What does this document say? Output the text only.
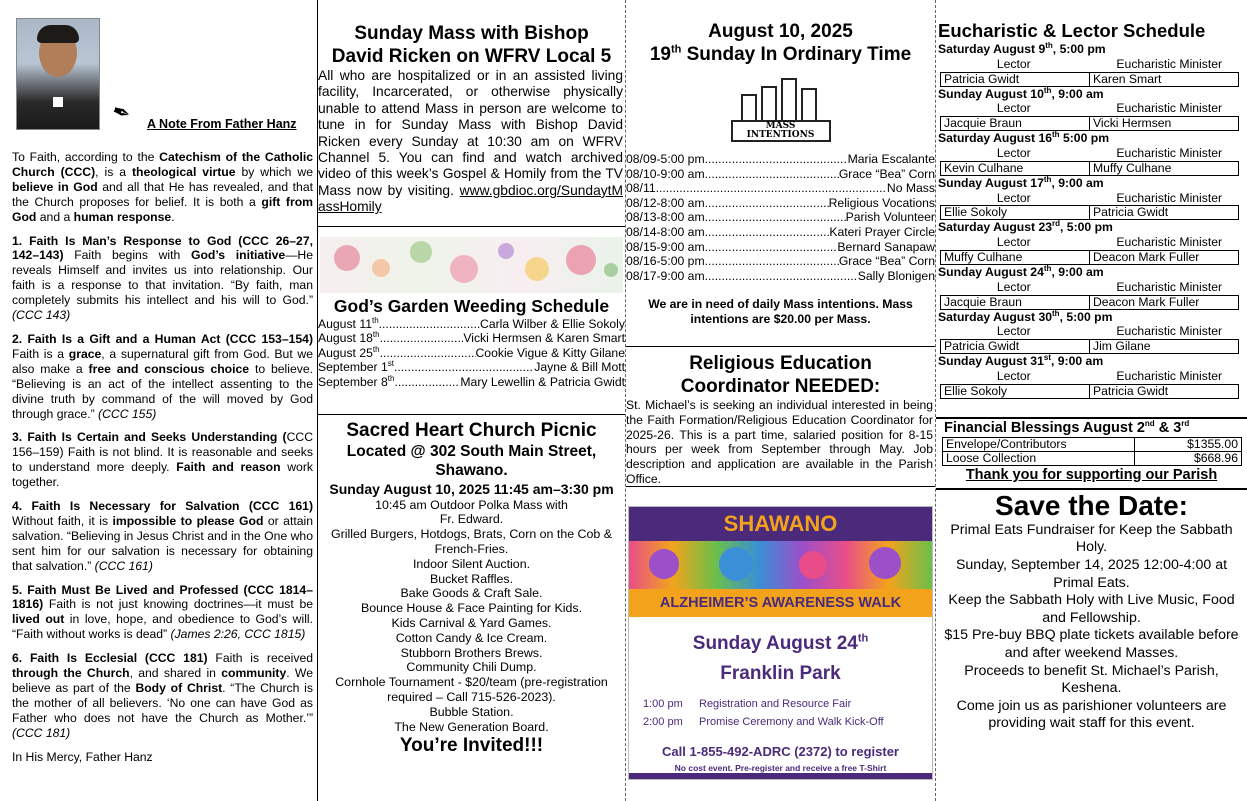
✒ A Note From Father Hanz

To Faith, according to the Catechism of the Catholic Church (CCC), is a theological virtue by which we believe in God and all that He has revealed, and that the Church proposes for belief. It is both a gift from God and a human response.

1. Faith Is Man’s Response to God (CCC 26–27, 142–143) Faith begins with God’s initiative—He reveals Himself and invites us into relationship. Our faith is a response to that invitation. “By faith, man completely submits his intellect and his will to God.” (CCC 143)

2. Faith Is a Gift and a Human Act (CCC 153–154) Faith is a grace, a supernatural gift from God. But we also make a free and conscious choice to believe. “Believing is an act of the intellect assenting to the divine truth by command of the will moved by God through grace.” (CCC 155)

3. Faith Is Certain and Seeks Understanding (CCC 156–159) Faith is not blind. It is reasonable and seeks to understand more deeply. Faith and reason work together.

4. Faith Is Necessary for Salvation (CCC 161) Without faith, it is impossible to please God or attain salvation. “Believing in Jesus Christ and in the One who sent him for our salvation is necessary for obtaining that salvation.” (CCC 161)

5. Faith Must Be Lived and Professed (CCC 1814–1816) Faith is not just knowing doctrines—it must be lived out in love, hope, and obedience to God’s will. “Faith without works is dead” (James 2:26, CCC 1815)

6. Faith Is Ecclesial (CCC 181) Faith is received through the Church, and shared in community. We believe as part of the Body of Christ. “The Church is the mother of all believers. ‘No one can have God as Father who does not have the Church as Mother.’” (CCC 181)

In His Mercy, Father Hanz

Sunday Mass with Bishop
David Ricken on WFRV Local 5
All who are hospitalized or in an assisted living facility, Incarcerated, or otherwise physically unable to attend Mass in person are welcome to tune in for Sunday Mass with Bishop David Ricken every Sunday at 10:30 am on WFRV Channel 5. You can find and watch archived video of this week’s Gospel & Homily from the TV Mass now by visiting. www.gbdioc.org/SundaytMassHomily
God’s Garden Weeding Schedule
August 11th .....	Carla Wilber & Ellie Sokoly
August 18th .....	Vicki Hermsen & Karen Smart
August 25th .....	Cookie Vigue & Kitty Gilane
September 1st .....	Jayne & Bill Mott
September 8th .....	Mary Lewellin & Patricia Gwidt
Sacred Heart Church Picnic
Located @ 302 South Main Street, Shawano.
Sunday August 10, 2025 11:45 am–3:30 pm
10:45 am Outdoor Polka Mass with
Fr. Edward.
Grilled Burgers, Hotdogs, Brats, Corn on the Cob & French-Fries.
Indoor Silent Auction.
Bucket Raffles.
Bake Goods & Craft Sale.
Bounce House & Face Painting for Kids.
Kids Carnival & Yard Games.
Cotton Candy & Ice Cream.
Stubborn Brothers Brews.
Community Chili Dump.
Cornhole Tournament - $20/team (pre-registration required – Call 715-526-2023).
Bubble Station.
The New Generation Board.
You’re Invited!!!
August 10, 2025
19th Sunday In Ordinary Time
MASS
INTENTIONS
08/09-5:00 pm .....	Maria Escalante
08/10-9:00 am .....	Grace “Bea” Corn
08/11 .....	No Mass
08/12-8:00 am .....	Religious Vocations
08/13-8:00 am .....	Parish Volunteer
08/14-8:00 am .....	Kateri Prayer Circle
08/15-9:00 am .....	Bernard Sanapaw
08/16-5:00 pm .....	Grace “Bea” Corn
08/17-9:00 am .....	Sally Blonigen
We are in need of daily Mass intentions. Mass intentions are $20.00 per Mass.
Religious Education
Coordinator NEEDED:
St. Michael’s is seeking an individual interested in being the Faith Formation/Religious Education Coordinator for 2025-26. This is a part time, salaried position for 8-15 hours per week from September through May. Job description and application are available in the Parish Office.
SHAWANO
ALZHEIMER’S AWARENESS WALK
Sunday August 24th
Franklin Park
1:00 pm Registration and Resource Fair
2:00 pm Promise Ceremony and Walk Kick-Off
Call 1-855-492-ADRC (2372) to register
No cost event. Pre-register and receive a free T-Shirt
Eucharistic & Lector Schedule
Saturday August 9th, 5:00 pm
Lector	Eucharistic Minister
Patricia Gwidt	Karen Smart
Sunday August 10th, 9:00 am
Lector	Eucharistic Minister
Jacquie Braun	Vicki Hermsen
Saturday August 16th 5:00 pm
Lector	Eucharistic Minister
Kevin Culhane	Muffy Culhane
Sunday August 17th, 9:00 am
Lector	Eucharistic Minister
Ellie Sokoly	Patricia Gwidt
Saturday August 23rd, 5:00 pm
Lector	Eucharistic Minister
Muffy Culhane	Deacon Mark Fuller
Sunday August 24th, 9:00 am
Lector	Eucharistic Minister
Jacquie Braun	Deacon Mark Fuller
Saturday August 30th, 5:00 pm
Lector	Eucharistic Minister
Patricia Gwidt	Jim Gilane
Sunday August 31st, 9:00 am
Lector	Eucharistic Minister
Ellie Sokoly	Patricia Gwidt
Financial Blessings August 2nd & 3rd
Envelope/Contributors	$1355.00
Loose Collection	$668.96
Thank you for supporting our Parish
Save the Date:

Primal Eats Fundraiser for Keep the Sabbath Holy.

Sunday, September 14, 2025 12:00-4:00 at Primal Eats.

Keep the Sabbath Holy with Live Music, Food and Fellowship.

$15 Pre-buy BBQ plate tickets available before and after weekend Masses.

Proceeds to benefit St. Michael’s Parish, Keshena.

Come join us as parishioner volunteers are providing wait staff for this event.
